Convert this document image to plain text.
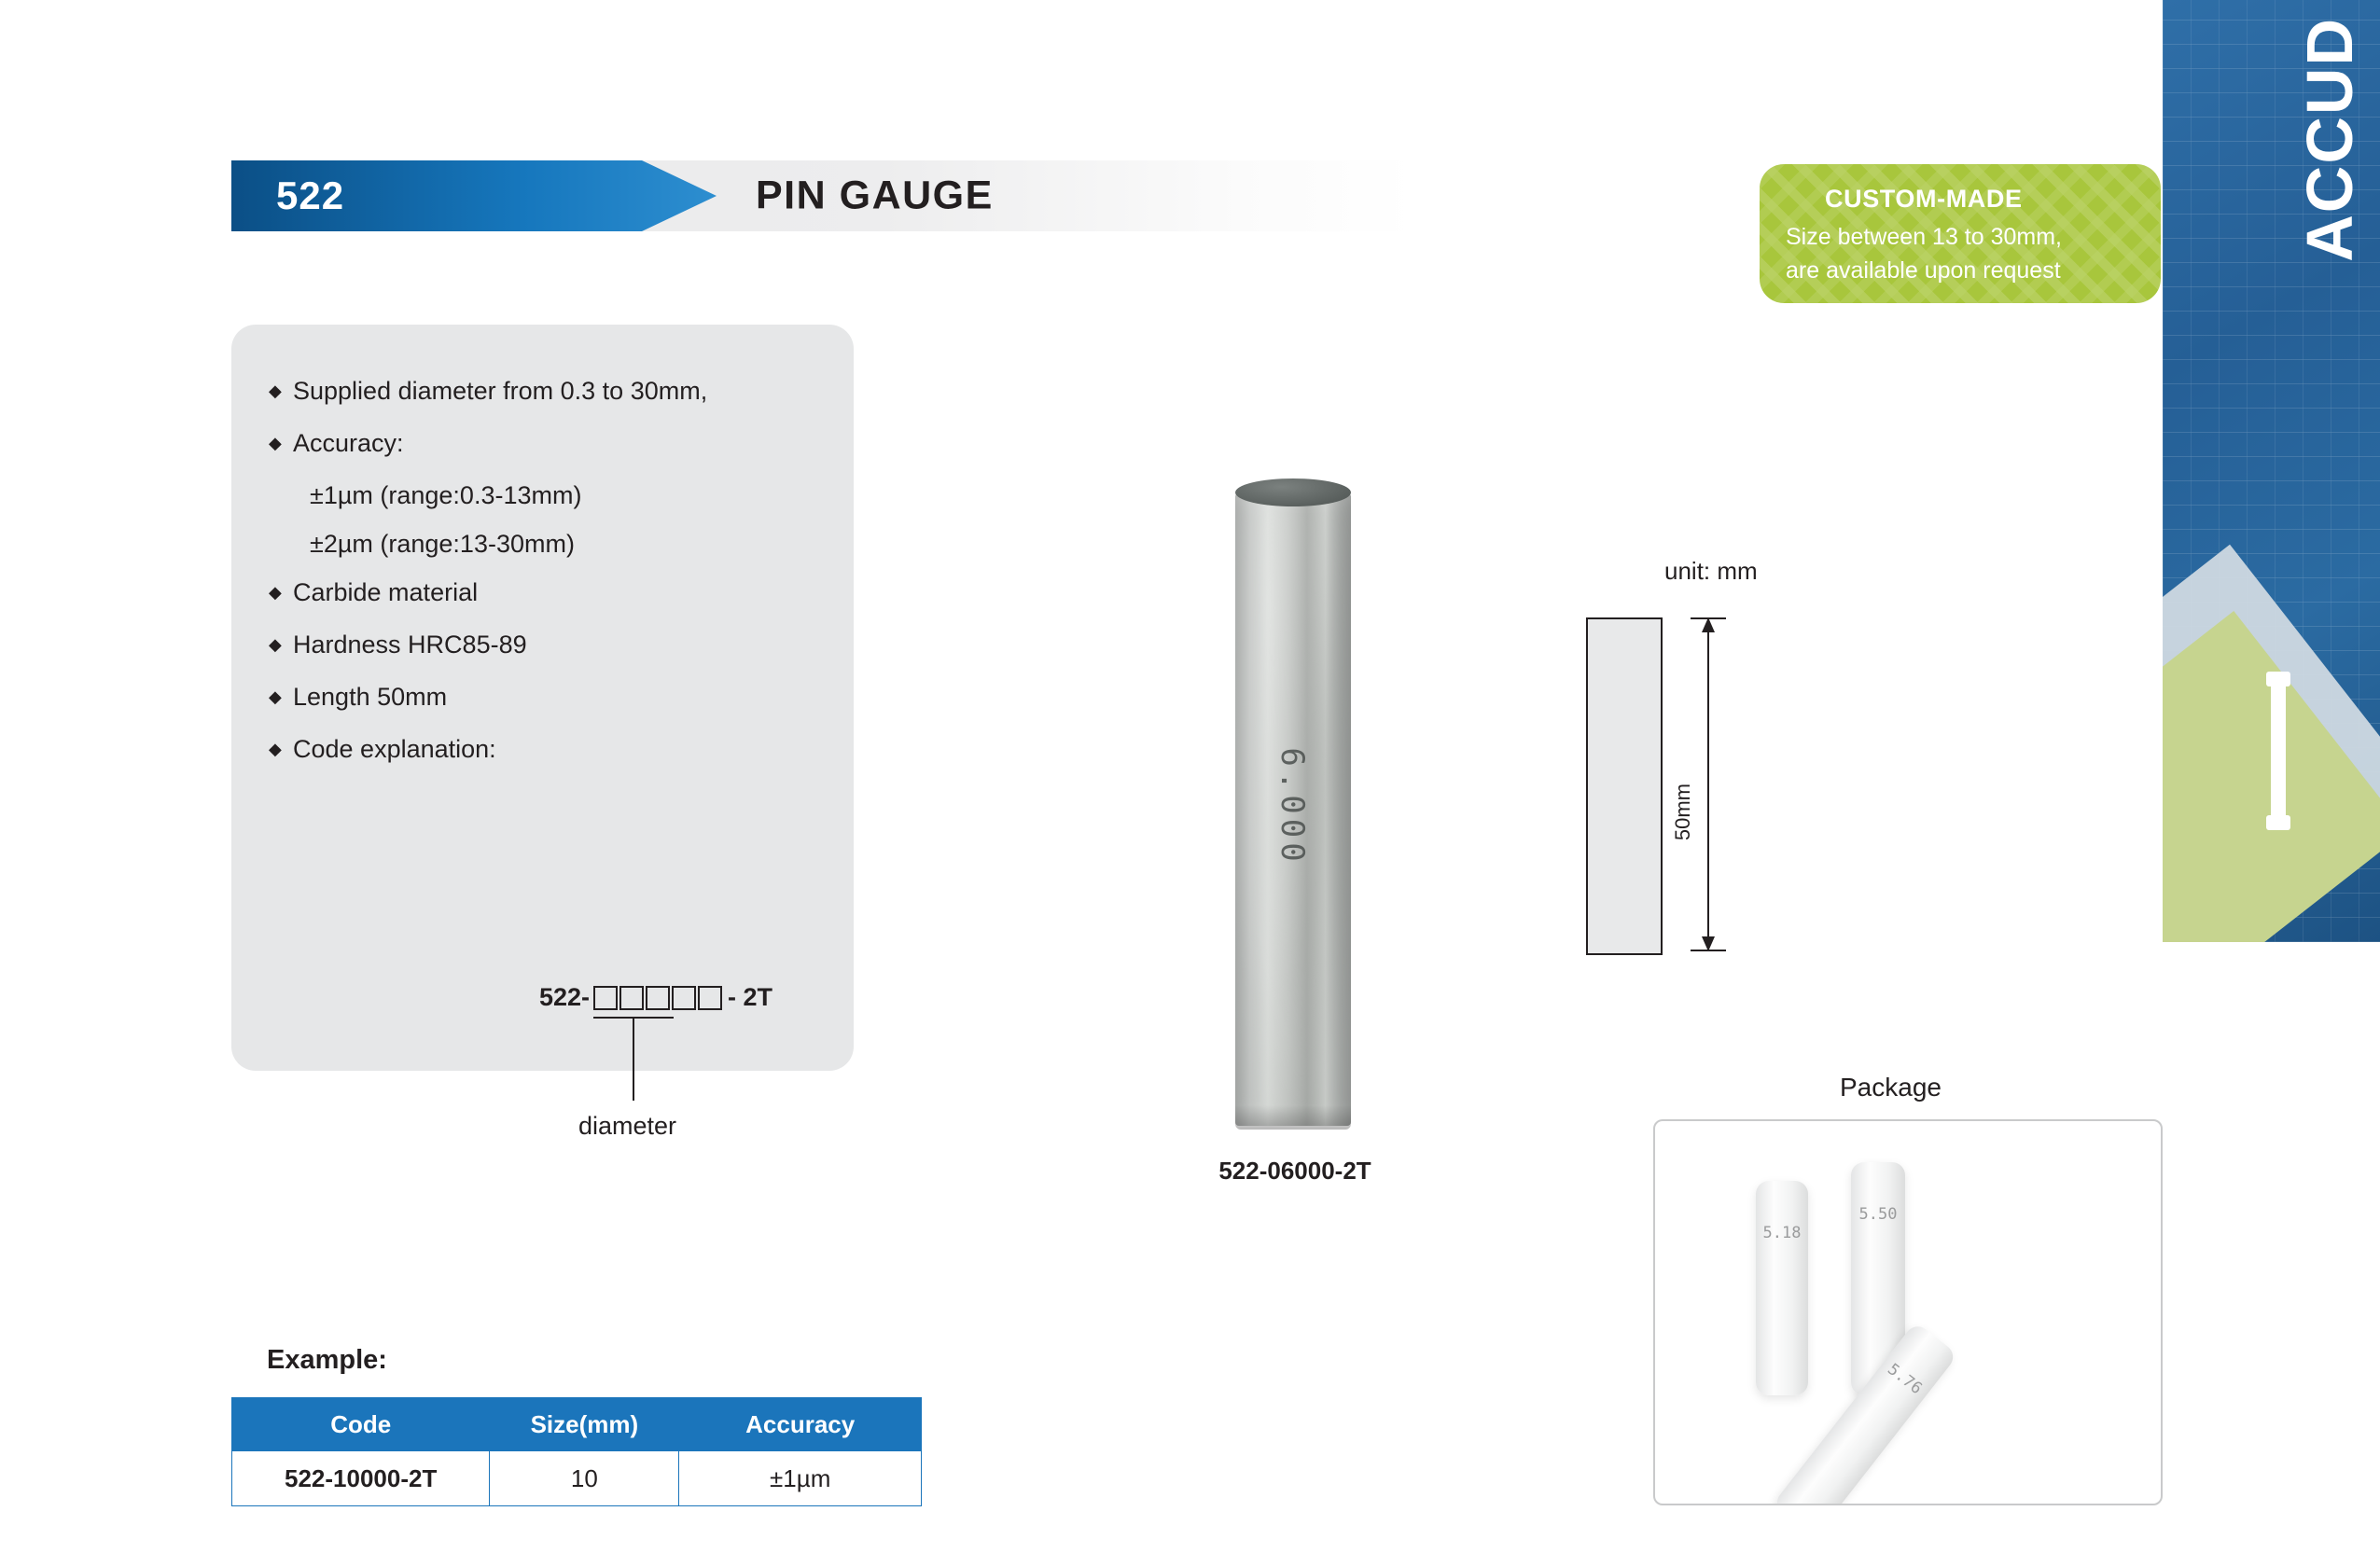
ACCUD
522	PIN GAUGE	CUSTOM-MADE
Size between 13 to 30mm,
are available upon request
◆ Supplied diameter from 0.3 to 30mm,
◆ Accuracy:
±1µm (range:0.3-13mm)
±2µm (range:13-30mm)
◆ Carbide material
◆ Hardness HRC85-89
◆ Length 50mm
◆ Code explanation:
522-	- 2T
diameter
6.000
522-06000-2T
unit: mm
50mm
Package
5.18
5.50
5.76
Example:
Code	Size(mm)	Accuracy
522-10000-2T	10	±1µm
